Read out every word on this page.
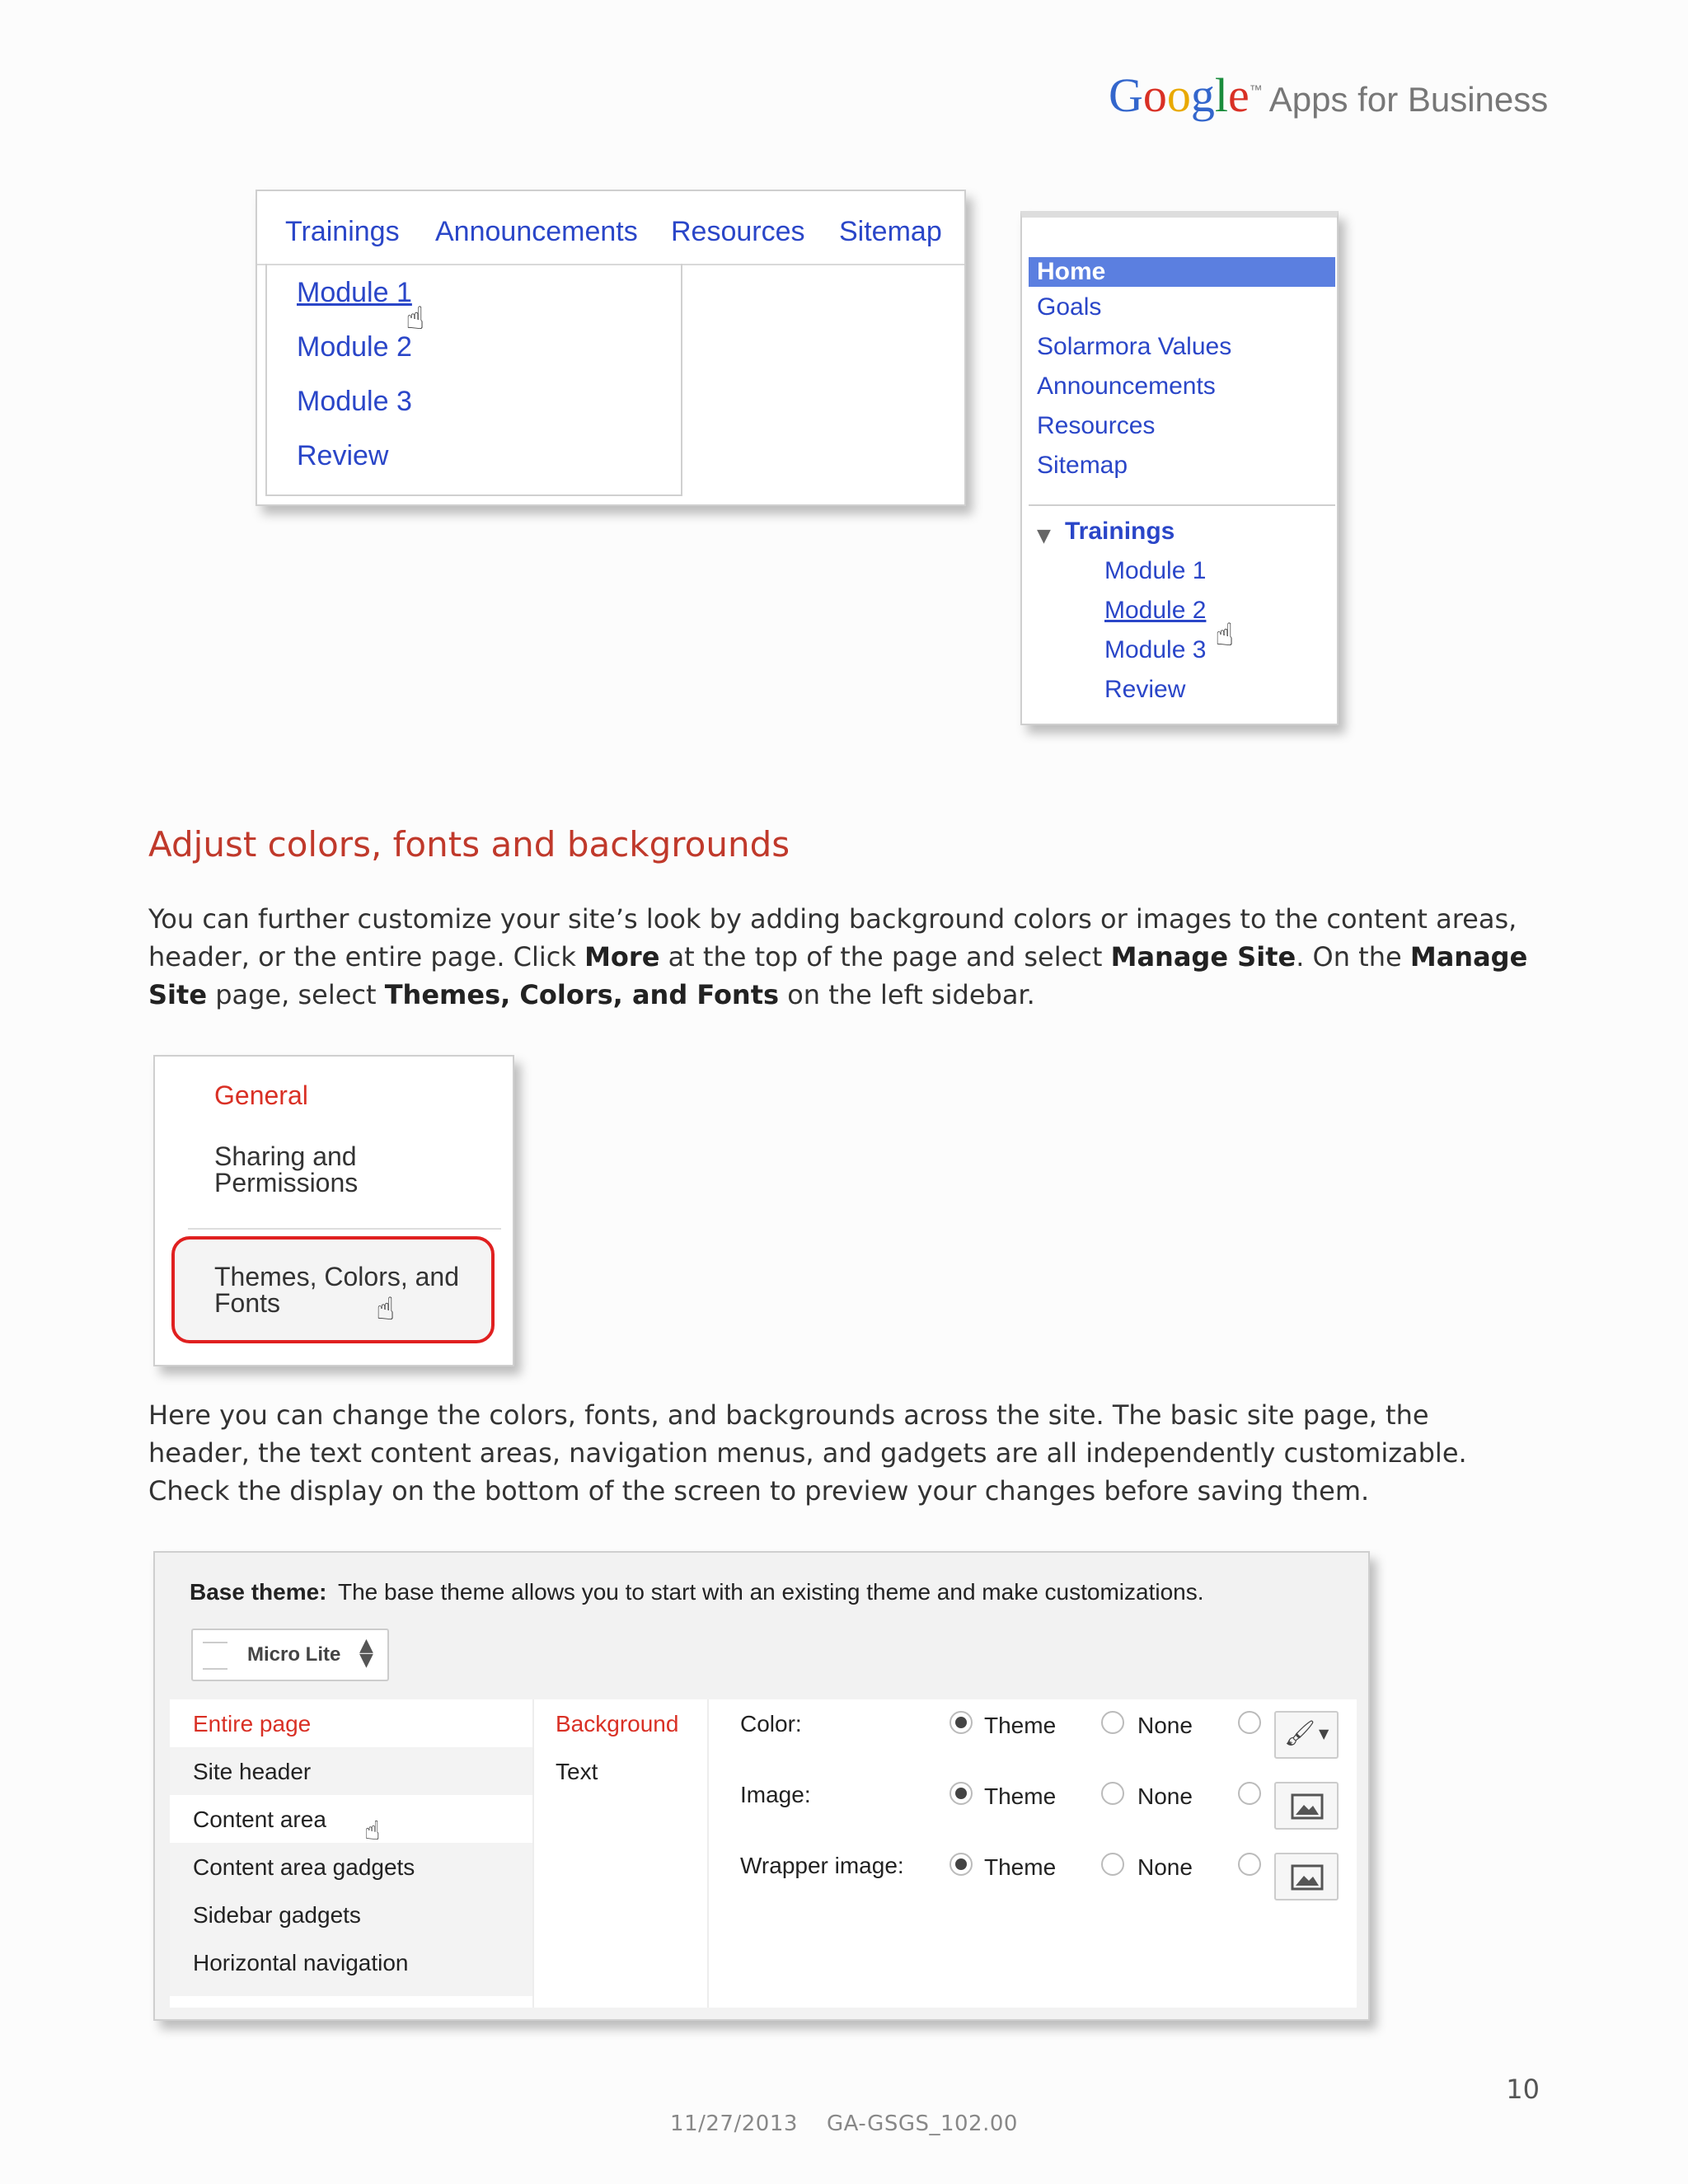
Google™ Apps for Business
Trainings Announcements Resources Sitemap
Module 1
Module 2
Module 3
Review
☝
Home
Goals
Solarmora Values
Announcements
Resources
Sitemap
▼ Trainings
Module 1
Module 2
Module 3
Review
☝
Adjust colors, fonts and backgrounds
You can further customize your site’s look by adding background colors or images to the content areas, header, or the entire page. Click More at the top of the page and select Manage Site. On the Manage Site page, select Themes, Colors, and Fonts on the left sidebar.
General
Sharing and
Permissions
Themes, Colors, and
Fonts	☝
Here you can change the colors, fonts, and backgrounds across the site. The basic site page, the header, the text content areas, navigation menus, and gadgets are all independently customizable. Check the display on the bottom of the screen to preview your changes before saving them.
Base theme: The base theme allows you to start with an existing theme and make customizations.
Micro Lite ▲
▼
Entire page
Site header
Content area
Content area gadgets
Sidebar gadgets
Horizontal navigation
☝
Background
Text
Color:	Theme	None	🖌 ▼
Image:	Theme	None
Wrapper image:	Theme	None
10
11/27/2013 GA-GSGS_102.00
